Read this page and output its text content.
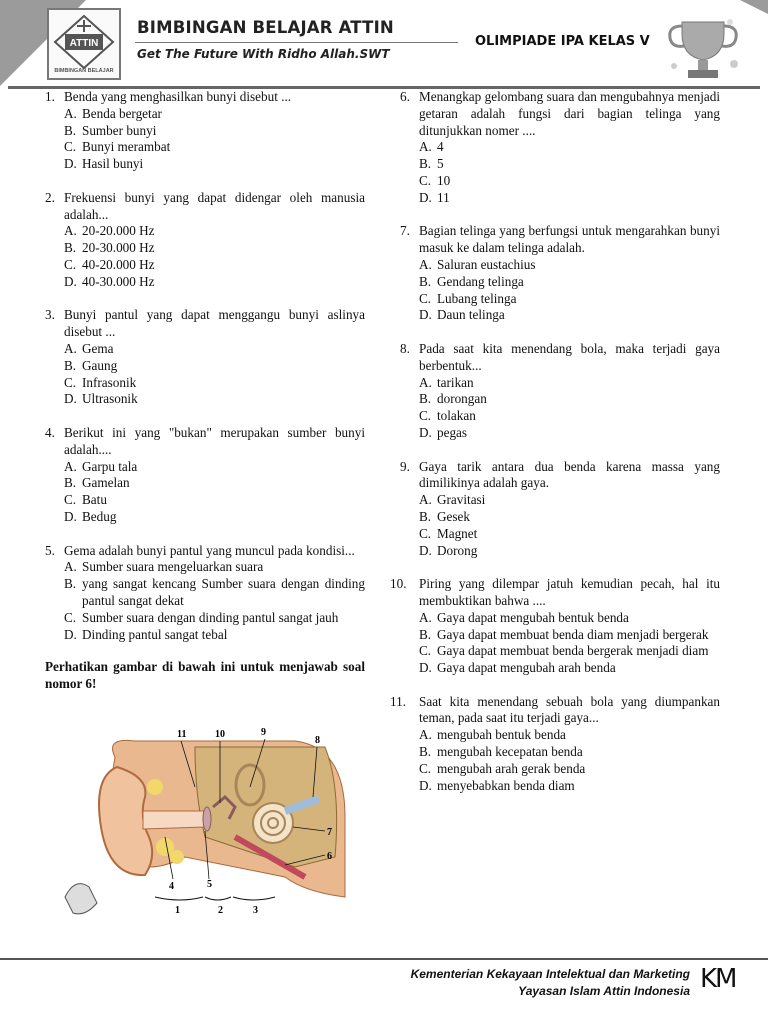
ATTIN
BIMBINGAN BELAJAR
BIMBINGAN BELAJAR ATTIN
Get The Future With Ridho Allah.SWT
OLIMPIADE IPA KELAS V
1. Benda yang menghasilkan bunyi disebut ...
A. Benda bergetar
B. Sumber bunyi
C. Bunyi merambat
D. Hasil bunyi
2. Frekuensi bunyi yang dapat didengar oleh manusia adalah...
A. 20-20.000 Hz
B. 20-30.000 Hz
C. 40-20.000 Hz
D. 40-30.000 Hz
3. Bunyi pantul yang dapat menggangu bunyi aslinya disebut ...
A. Gema
B. Gaung
C. Infrasonik
D. Ultrasonik
4. Berikut ini yang "bukan" merupakan sumber bunyi adalah....
A. Garpu tala
B. Gamelan
C. Batu
D. Bedug
5. Gema adalah bunyi pantul yang muncul pada kondisi...
A. Sumber suara mengeluarkan suara
B. yang sangat kencang Sumber suara dengan dinding pantul sangat dekat
C. Sumber suara dengan dinding pantul sangat jauh
D. Dinding pantul sangat tebal
Perhatikan gambar di bawah ini untuk menjawab soal nomor 6!
11	10	9
8
7
6
5
4
1	2	3
6. Menangkap gelombang suara dan mengubahnya menjadi getaran adalah fungsi dari bagian telinga yang ditunjukkan nomer ....
A. 4
B. 5
C. 10
D. 11
7. Bagian telinga yang berfungsi untuk mengarahkan bunyi masuk ke dalam telinga adalah.
A. Saluran eustachius
B. Gendang telinga
C. Lubang telinga
D. Daun telinga
8. Pada saat kita menendang bola, maka terjadi gaya berbentuk...
A. tarikan
B. dorongan
C. tolakan
D. pegas
9. Gaya tarik antara dua benda karena massa yang dimilikinya adalah gaya.
A. Gravitasi
B. Gesek
C. Magnet
D. Dorong
10. Piring yang dilempar jatuh kemudian pecah, hal itu membuktikan bahwa ....
A. Gaya dapat mengubah bentuk benda
B. Gaya dapat membuat benda diam menjadi bergerak
C. Gaya dapat membuat benda bergerak menjadi diam
D. Gaya dapat mengubah arah benda
11. Saat kita menendang sebuah bola yang diumpankan teman, pada saat itu terjadi gaya...
A. mengubah bentuk benda
B. mengubah kecepatan benda
C. mengubah arah gerak benda
D. menyebabkan benda diam
Kementerian Kekayaan Intelektual dan Marketing
Yayasan Islam Attin Indonesia KM
